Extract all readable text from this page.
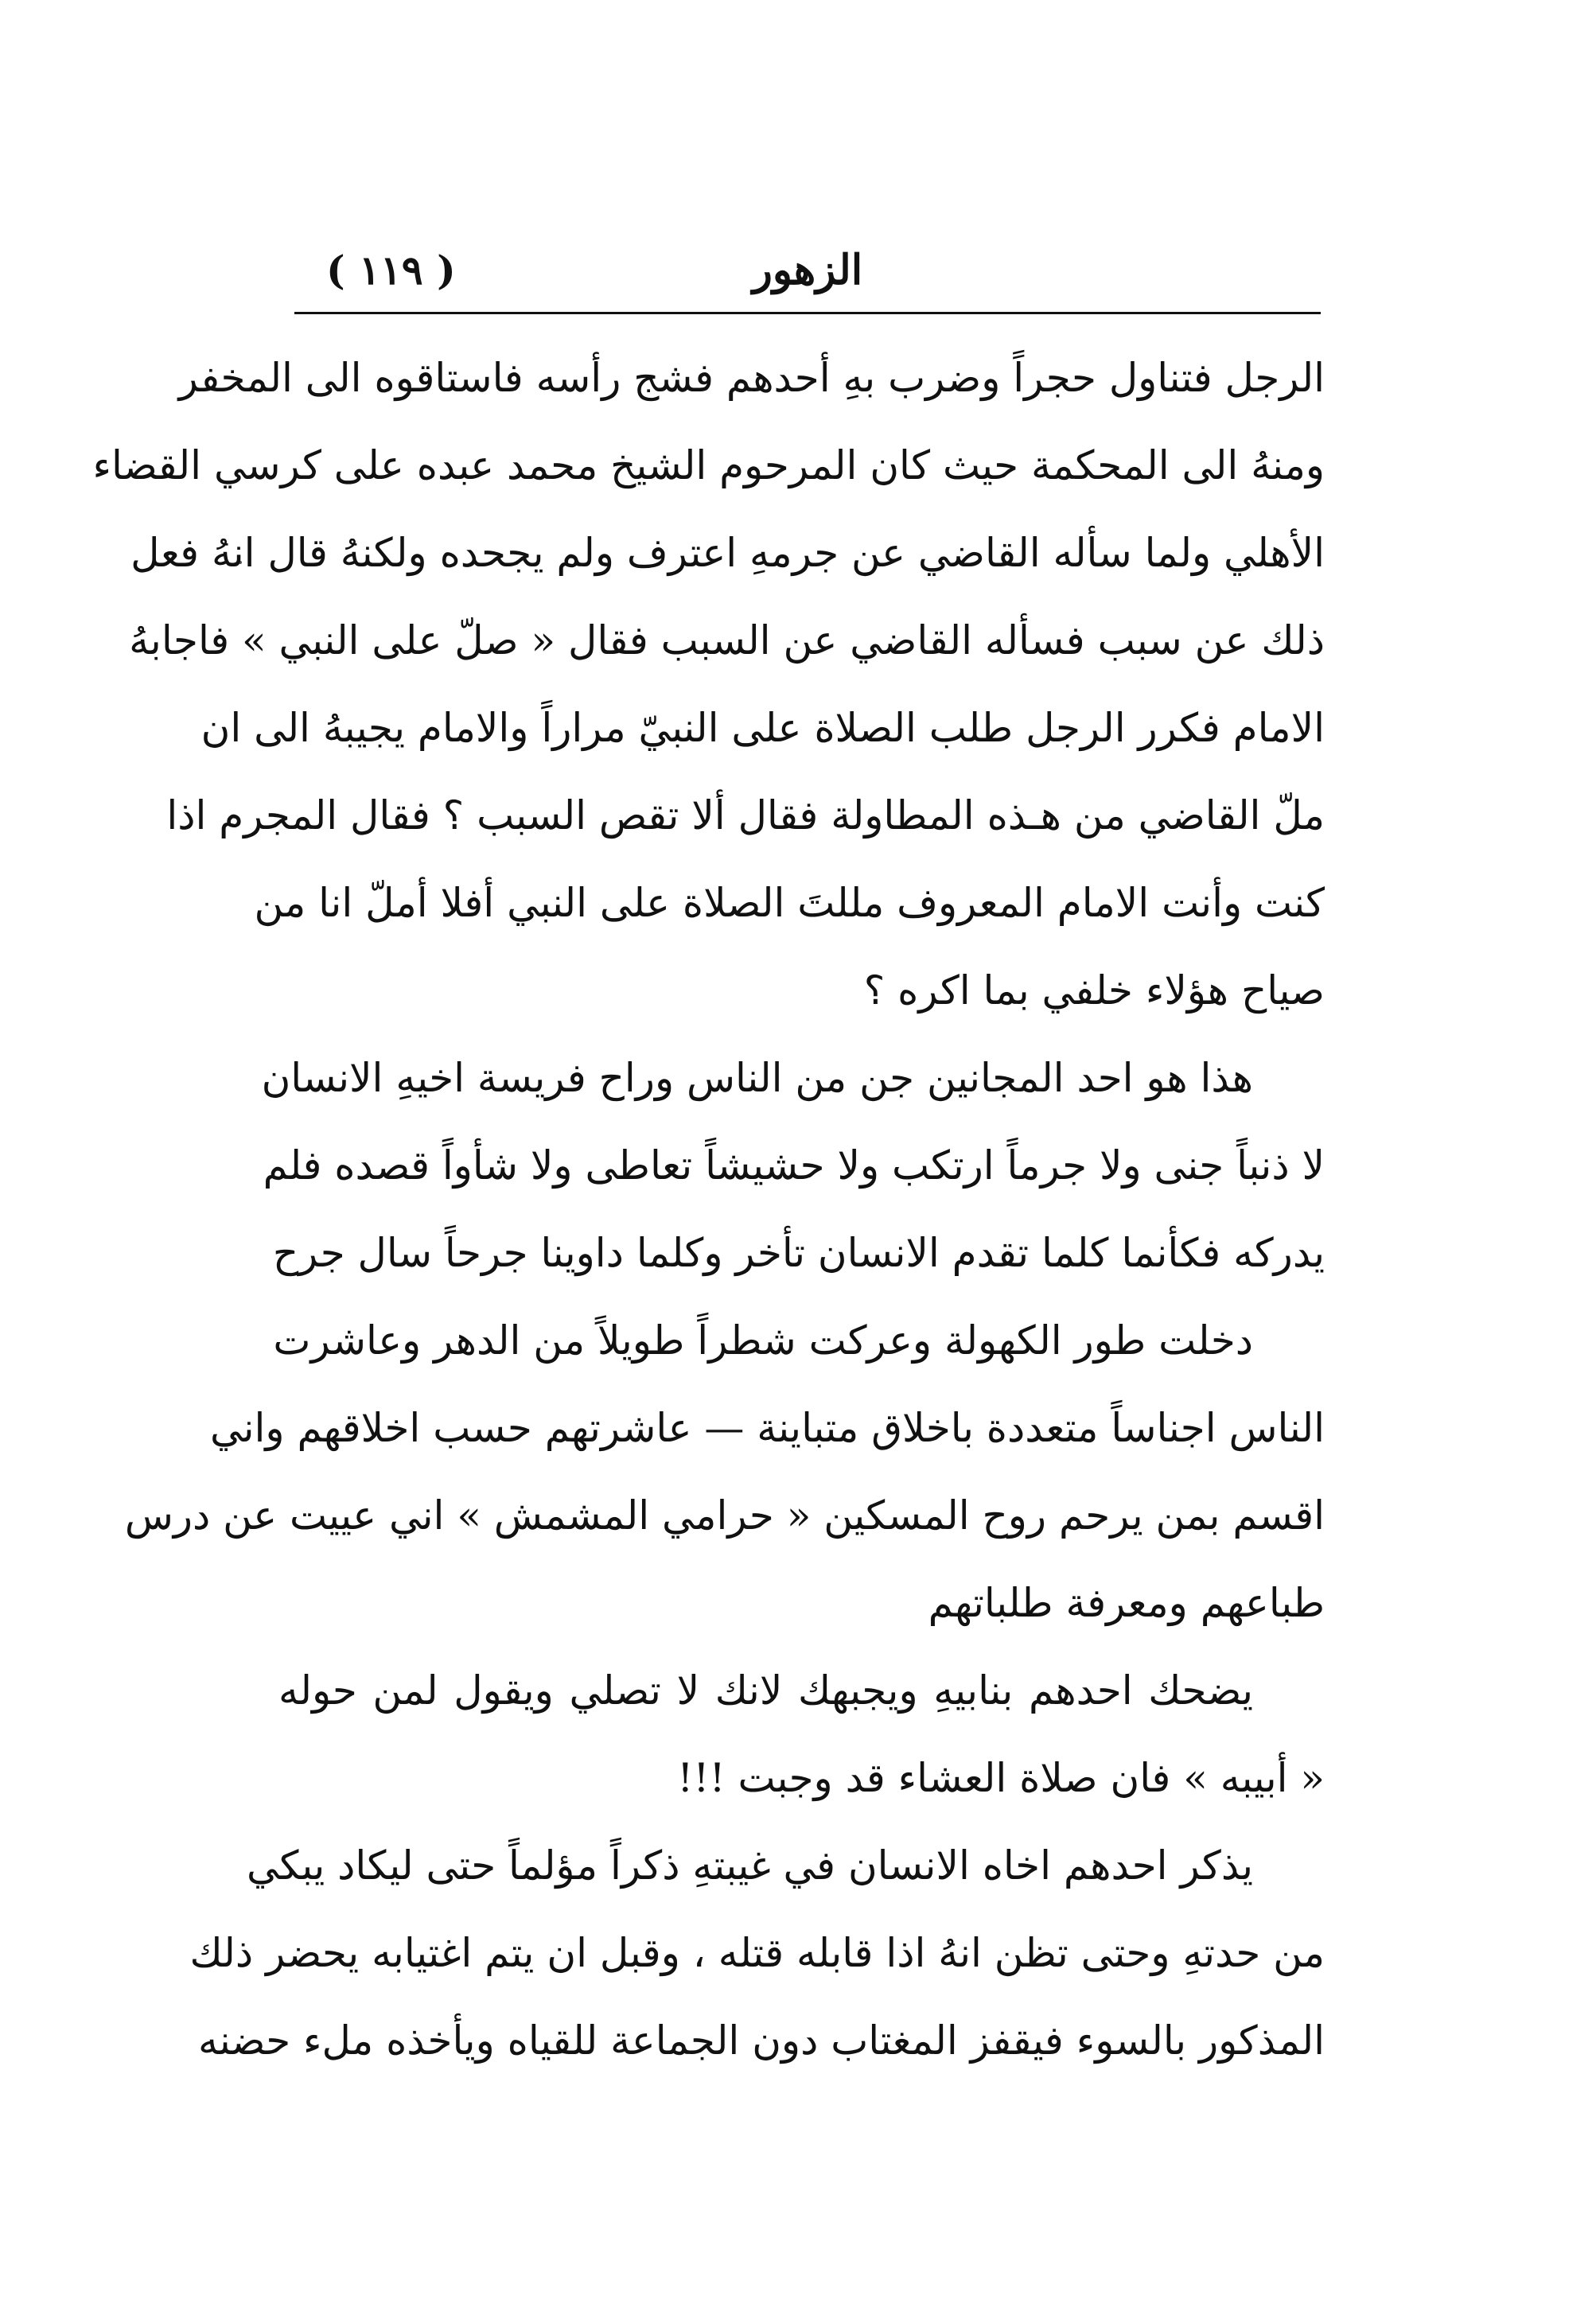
الزهور
( ١١٩ )
الرجل فتناول حجراً وضرب بهِ أحدهم فشج رأسه فاستاقوه الى المخفر
ومنهُ الى المحكمة حيث كان المرحوم الشيخ محمد عبده على كرسي القضاء
الأهلي ولما سأله القاضي عن جرمهِ اعترف ولم يجحده ولكنهُ قال انهُ فعل
ذلك عن سبب فسأله القاضي عن السبب فقال « صلّ على النبي » فاجابهُ
الامام فكرر الرجل طلب الصلاة على النبيّ مراراً والامام يجيبهُ الى ان
ملّ القاضي من هـذه المطاولة فقال ألا تقص السبب ؟ فقال المجرم اذا
كنت وأنت الامام المعروف مللتَ الصلاة على النبي أفلا أملّ انا من
صياح هؤلاء خلفي بما اكره ؟
هذا هو احد المجانين جن من الناس وراح فريسة اخيهِ الانسان
لا ذنباً جنى ولا جرماً ارتكب ولا حشيشاً تعاطى ولا شأواً قصده فلم
يدركه فكأنما كلما تقدم الانسان تأخر وكلما داوينا جرحاً سال جرح
دخلت طور الكهولة وعركت شطراً طويلاً من الدهر وعاشرت
الناس اجناساً متعددة باخلاق متباينة — عاشرتهم حسب اخلاقهم واني
اقسم بمن يرحم روح المسكين « حرامي المشمش » اني عييت عن درس
طباعهم ومعرفة طلباتهم
يضحك احدهم بنابيهِ ويجبهك لانك لا تصلي ويقول لمن حوله
« أبيبه » فان صلاة العشاء قد وجبت !!!
يذكر احدهم اخاه الانسان في غيبتهِ ذكراً مؤلماً حتى ليكاد يبكي
من حدتهِ وحتى تظن انهُ اذا قابله قتله ، وقبل ان يتم اغتيابه يحضر ذلك
المذكور بالسوء فيقفز المغتاب دون الجماعة للقياه ويأخذه ملء حضنه
